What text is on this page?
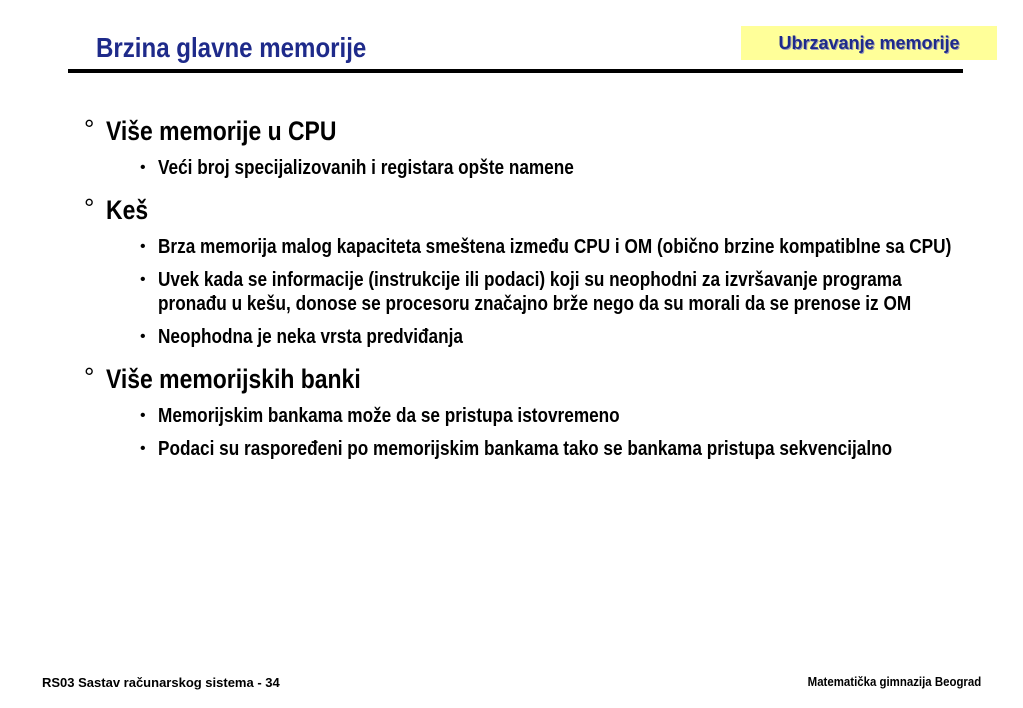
Brzina glavne memorije	Ubrzavanje memorije
° Više memorije u CPU
• Veći broj specijalizovanih i registara opšte namene
° Keš
• Brza memorija malog kapaciteta smeštena između CPU i OM (obično brzine kompatiblne sa CPU)
• Uvek kada se informacije (instrukcije ili podaci) koji su neophodni za izvršavanje programa pronađu u kešu, donose se procesoru značajno brže nego da su morali da se prenose iz OM
• Neophodna je neka vrsta predviđanja
° Više memorijskih banki
• Memorijskim bankama može da se pristupa istovremeno
• Podaci su raspoređeni po memorijskim bankama tako se bankama pristupa sekvencijalno
RS03 Sastav računarskog sistema - 34	Matematička gimnazija Beograd
